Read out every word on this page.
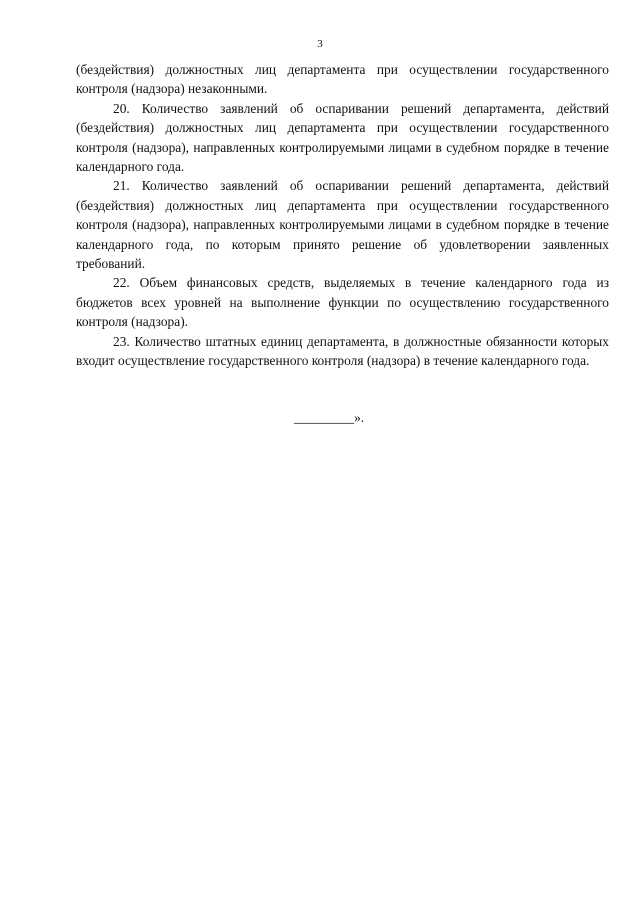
3

(бездействия) должностных лиц департамента при осуществлении государственного контроля (надзора) незаконными.

20. Количество заявлений об оспаривании решений департамента, действий (бездействия) должностных лиц департамента при осуществлении государственного контроля (надзора), направленных контролируемыми лицами в судебном порядке в течение календарного года.

21. Количество заявлений об оспаривании решений департамента, действий (бездействия) должностных лиц департамента при осуществлении государственного контроля (надзора), направленных контролируемыми лицами в судебном порядке в течение календарного года, по которым принято решение об удовлетворении заявленных требований.

22. Объем финансовых средств, выделяемых в течение календарного года из бюджетов всех уровней на выполнение функции по осуществлению государственного контроля (надзора).

23. Количество штатных единиц департамента, в должностные обязанности которых входит осуществление государственного контроля (надзора) в течение календарного года.

_________».
